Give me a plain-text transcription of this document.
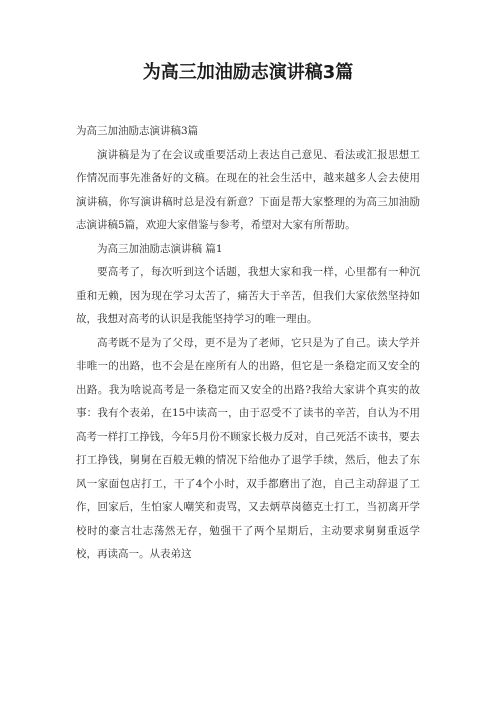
为高三加油励志演讲稿3篇

为高三加油励志演讲稿3篇

演讲稿是为了在会议或重要活动上表达自己意见、看法或汇报思想工作情况而事先准备好的文稿。在现在的社会生活中，越来越多人会去使用演讲稿，你写演讲稿时总是没有新意？下面是帮大家整理的为高三加油励志演讲稿5篇，欢迎大家借鉴与参考，希望对大家有所帮助。

为高三加油励志演讲稿 篇1

要高考了，每次听到这个话题，我想大家和我一样，心里都有一种沉重和无赖，因为现在学习太苦了，痛苦大于辛苦，但我们大家依然坚持如故，我想对高考的认识是我能坚持学习的唯一理由。

高考既不是为了父母，更不是为了老师，它只是为了自己。读大学并非唯一的出路，也不会是在座所有人的出路，但它是一条稳定而又安全的出路。我为啥说高考是一条稳定而又安全的出路?我给大家讲个真实的故事：我有个表弟，在15中读高一，由于忍受不了读书的辛苦，自认为不用高考一样打工挣钱，今年5月份不顾家长极力反对，自己死活不读书，要去打工挣钱，舅舅在百般无赖的情况下给他办了退学手续，然后，他去了东风一家面包店打工，干了4个小时，双手都磨出了泡，自己主动辞退了工作，回家后，生怕家人嘲笑和责骂，又去炳草岗德克士打工，当初离开学校时的豪言壮志荡然无存，勉强干了两个星期后，主动要求舅舅重返学校，再读高一。从表弟这
